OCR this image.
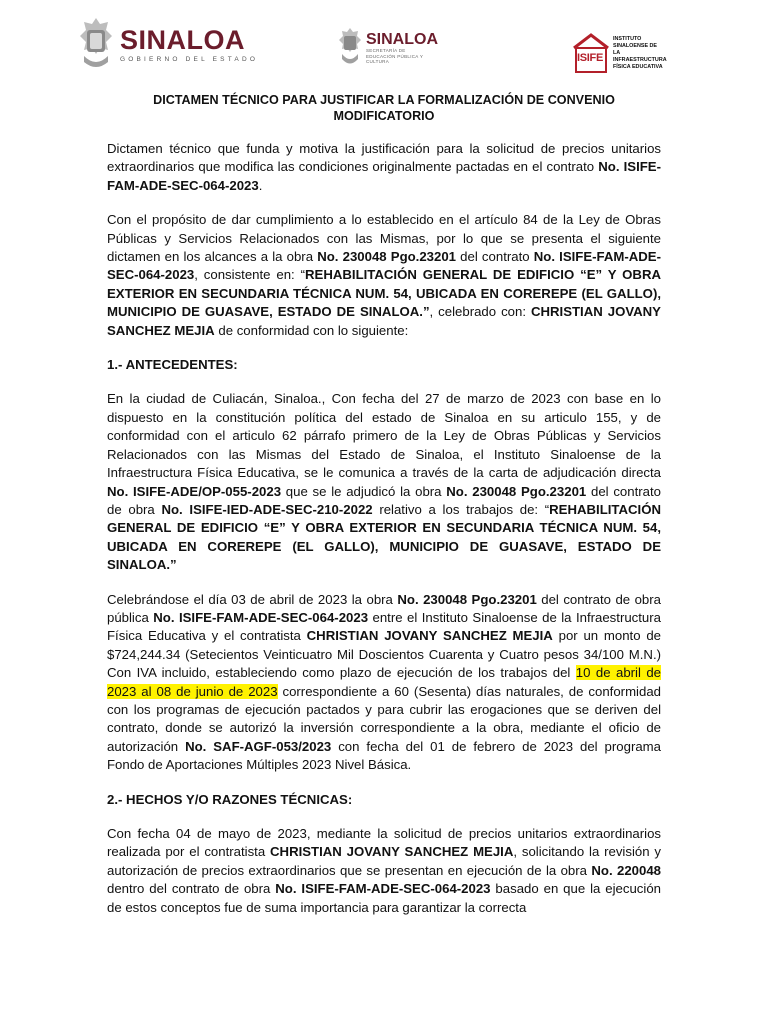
SINALOA
GOBIERNO DEL ESTADO
SINALOA
SECRETARÍA DE EDUCACIÓN PÚBLICA Y CULTURA	ISIFE
INSTITUTO SINALOENSE DE LA INFRAESTRUCTURA FÍSICA EDUCATIVA
DICTAMEN TÉCNICO PARA JUSTIFICAR LA FORMALIZACIÓN DE CONVENIO MODIFICATORIO

Dictamen técnico que funda y motiva la justificación para la solicitud de precios unitarios extraordinarios que modifica las condiciones originalmente pactadas en el contrato No. ISIFE-FAM-ADE-SEC-064-2023.

Con el propósito de dar cumplimiento a lo establecido en el artículo 84 de la Ley de Obras Públicas y Servicios Relacionados con las Mismas, por lo que se presenta el siguiente dictamen en los alcances a la obra No. 230048 Pgo.23201 del contrato No. ISIFE-FAM-ADE-SEC-064-2023, consistente en: “REHABILITACIÓN GENERAL DE EDIFICIO “E” Y OBRA EXTERIOR EN SECUNDARIA TÉCNICA NUM. 54, UBICADA EN COREREPE (EL GALLO), MUNICIPIO DE GUASAVE, ESTADO DE SINALOA.”, celebrado con: CHRISTIAN JOVANY SANCHEZ MEJIA de conformidad con lo siguiente:

1.- ANTECEDENTES:

En la ciudad de Culiacán, Sinaloa., Con fecha del 27 de marzo de 2023 con base en lo dispuesto en la constitución política del estado de Sinaloa en su articulo 155, y de conformidad con el articulo 62 párrafo primero de la Ley de Obras Públicas y Servicios Relacionados con las Mismas del Estado de Sinaloa, el Instituto Sinaloense de la Infraestructura Física Educativa, se le comunica a través de la carta de adjudicación directa No. ISIFE-ADE/OP-055-2023 que se le adjudicó la obra No. 230048 Pgo.23201 del contrato de obra No. ISIFE-IED-ADE-SEC-210-2022 relativo a los trabajos de: “REHABILITACIÓN GENERAL DE EDIFICIO “E” Y OBRA EXTERIOR EN SECUNDARIA TÉCNICA NUM. 54, UBICADA EN COREREPE (EL GALLO), MUNICIPIO DE GUASAVE, ESTADO DE SINALOA.”

Celebrándose el día 03 de abril de 2023 la obra No. 230048 Pgo.23201 del contrato de obra pública No. ISIFE-FAM-ADE-SEC-064-2023 entre el Instituto Sinaloense de la Infraestructura Física Educativa y el contratista CHRISTIAN JOVANY SANCHEZ MEJIA por un monto de $724,244.34 (Setecientos Veinticuatro Mil Doscientos Cuarenta y Cuatro pesos 34/100 M.N.) Con IVA incluido, estableciendo como plazo de ejecución de los trabajos del 10 de abril de 2023 al 08 de junio de 2023 correspondiente a 60 (Sesenta) días naturales, de conformidad con los programas de ejecución pactados y para cubrir las erogaciones que se deriven del contrato, donde se autorizó la inversión correspondiente a la obra, mediante el oficio de autorización No. SAF-AGF-053/2023 con fecha del 01 de febrero de 2023 del programa Fondo de Aportaciones Múltiples 2023 Nivel Básica.

2.- HECHOS Y/O RAZONES TÉCNICAS:

Con fecha 04 de mayo de 2023, mediante la solicitud de precios unitarios extraordinarios realizada por el contratista CHRISTIAN JOVANY SANCHEZ MEJIA, solicitando la revisión y autorización de precios extraordinarios que se presentan en ejecución de la obra No. 220048 dentro del contrato de obra No. ISIFE-FAM-ADE-SEC-064-2023 basado en que la ejecución de estos conceptos fue de suma importancia para garantizar la correcta
